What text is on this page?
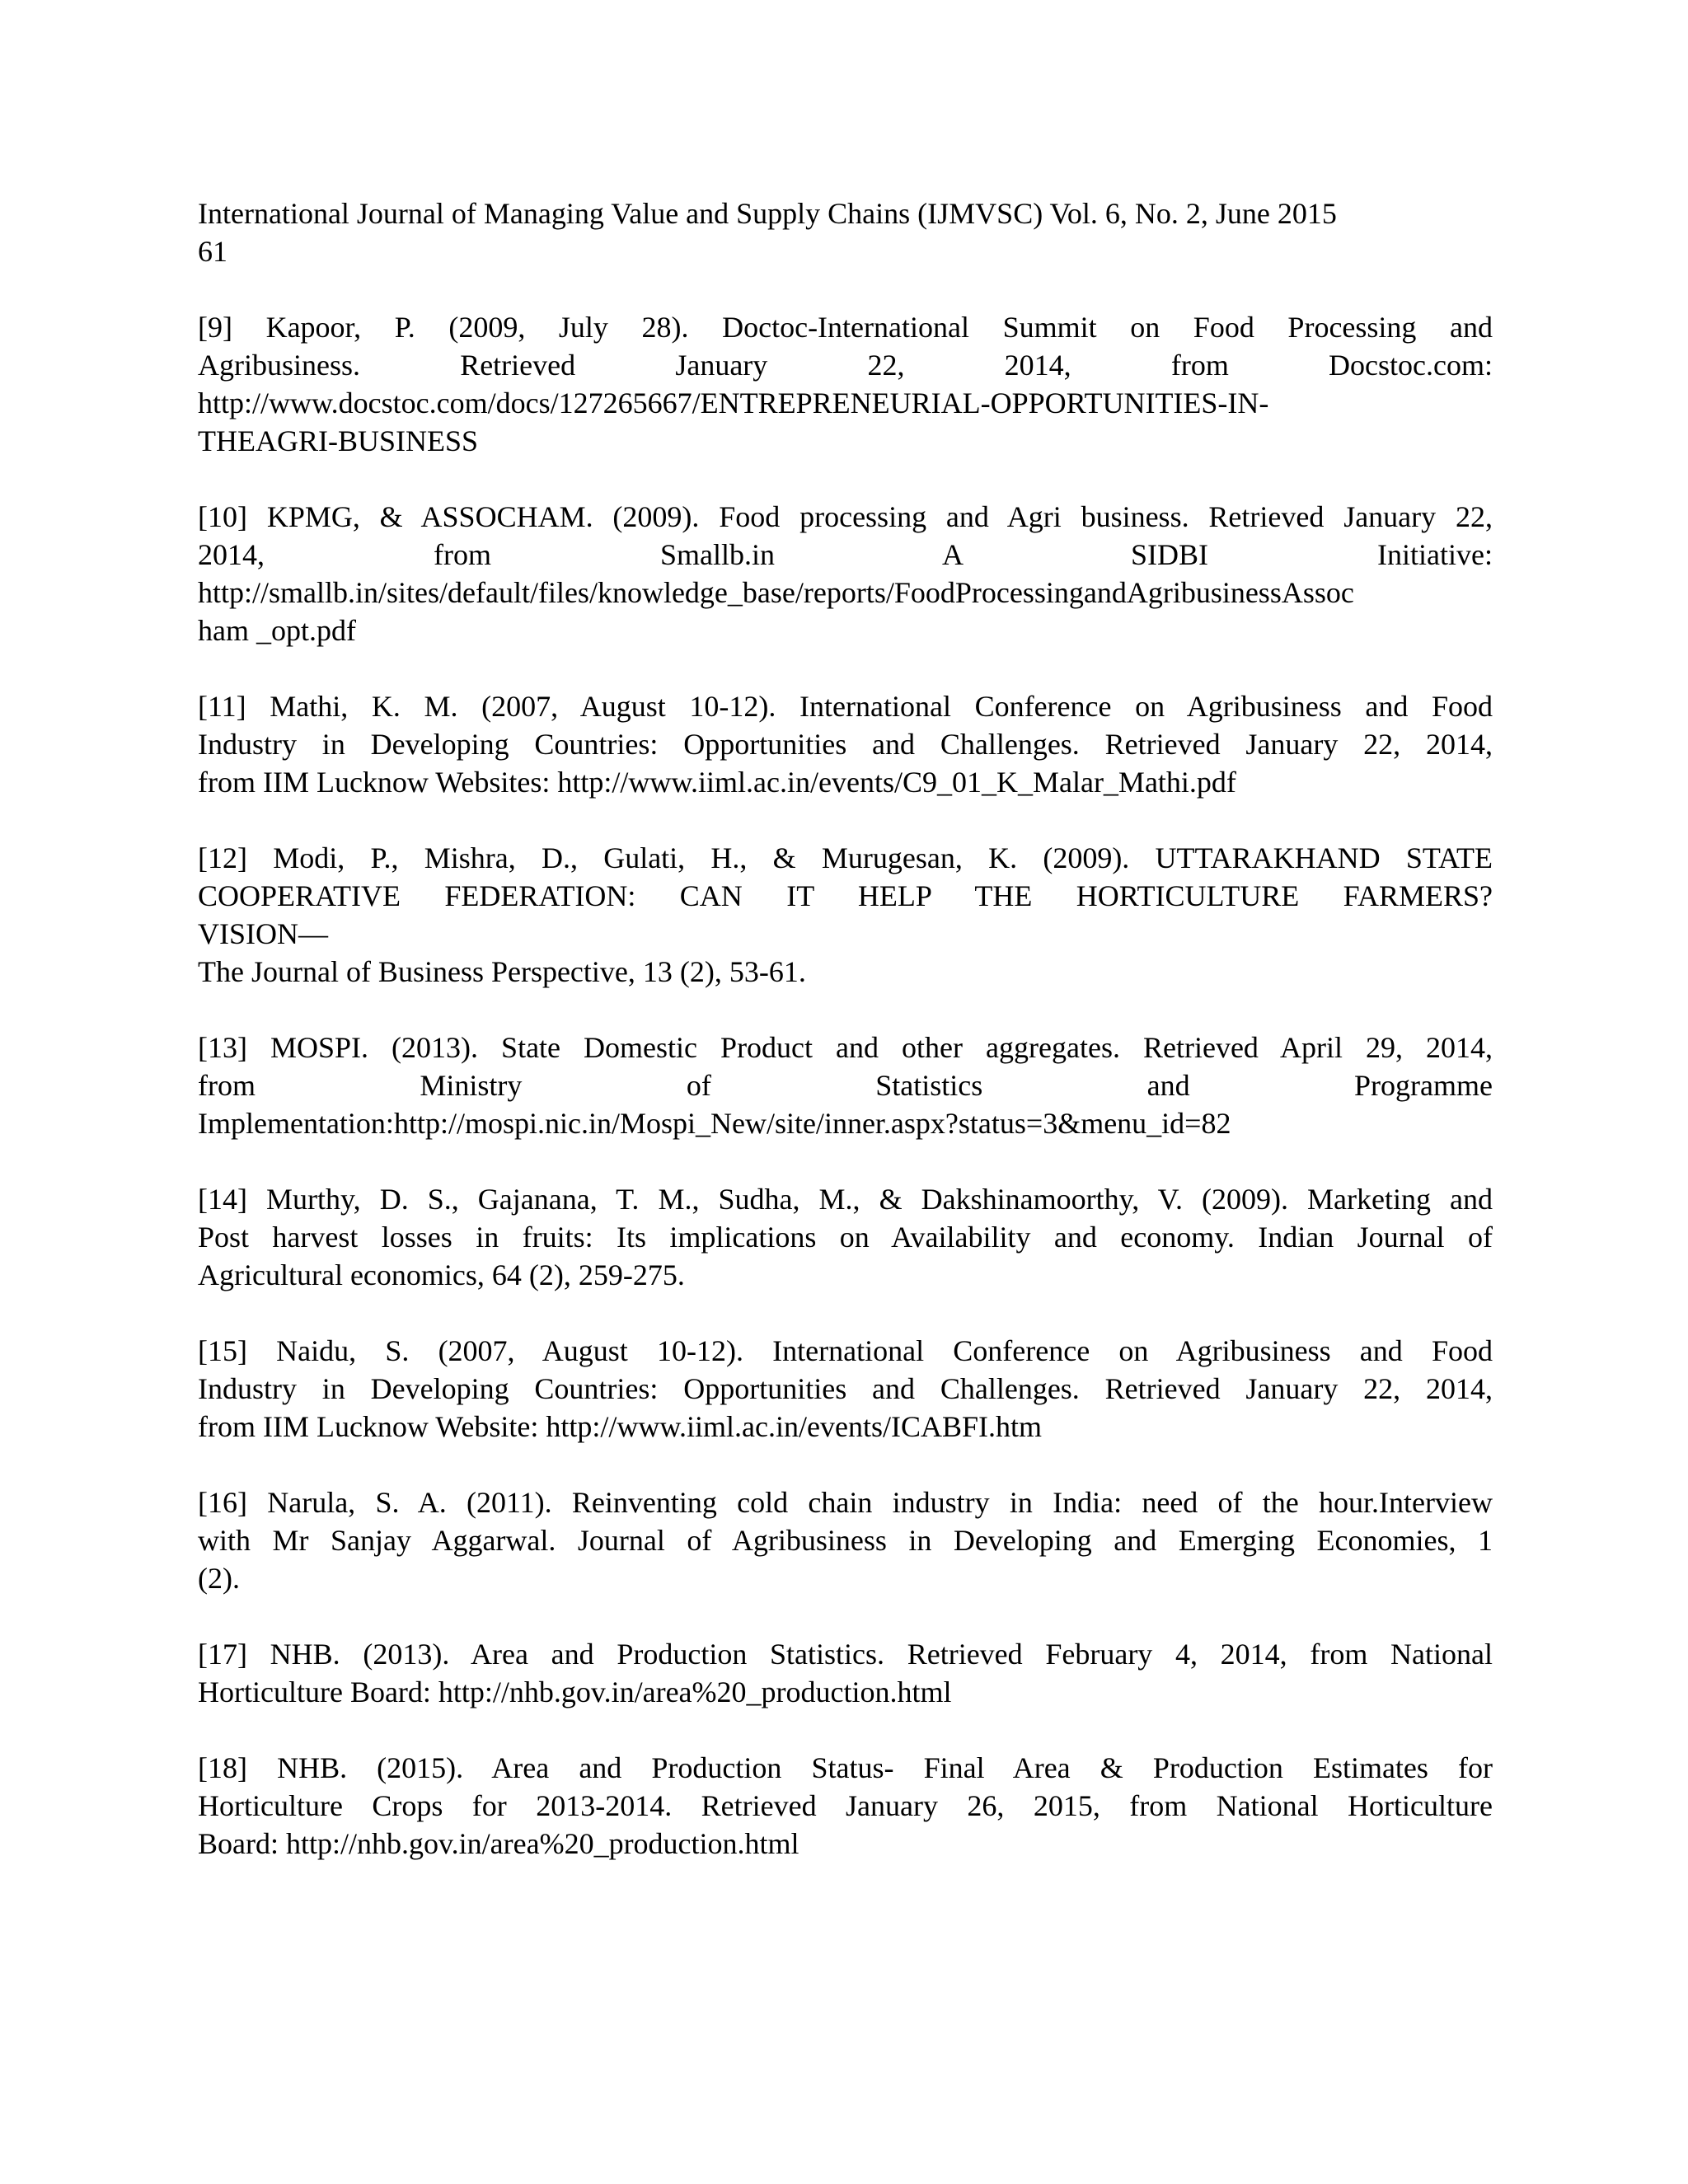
International Journal of Managing Value and Supply Chains (IJMVSC) Vol. 6, No. 2, June 2015

61

[9] Kapoor, P. (2009, July 28). Doctoc-International Summit on Food Processing and

Agribusiness. Retrieved January 22, 2014, from Docstoc.com:

http://www.docstoc.com/docs/127265667/ENTREPRENEURIAL-OPPORTUNITIES-IN-

THEAGRI-BUSINESS

[10] KPMG, & ASSOCHAM. (2009). Food processing and Agri business. Retrieved January 22,

2014, from Smallb.in A SIDBI Initiative:

http://smallb.in/sites/default/files/knowledge_base/reports/FoodProcessingandAgribusinessAssoc

ham _opt.pdf

[11] Mathi, K. M. (2007, August 10-12). International Conference on Agribusiness and Food

Industry in Developing Countries: Opportunities and Challenges. Retrieved January 22, 2014,

from IIM Lucknow Websites: http://www.iiml.ac.in/events/C9_01_K_Malar_Mathi.pdf

[12] Modi, P., Mishra, D., Gulati, H., & Murugesan, K. (2009). UTTARAKHAND STATE

COOPERATIVE FEDERATION: CAN IT HELP THE HORTICULTURE FARMERS?

VISION—

The Journal of Business Perspective, 13 (2), 53-61.

[13] MOSPI. (2013). State Domestic Product and other aggregates. Retrieved April 29, 2014,

from Ministry of Statistics and Programme

Implementation:http://mospi.nic.in/Mospi_New/site/inner.aspx?status=3&menu_id=82

[14] Murthy, D. S., Gajanana, T. M., Sudha, M., & Dakshinamoorthy, V. (2009). Marketing and

Post harvest losses in fruits: Its implications on Availability and economy. Indian Journal of

Agricultural economics, 64 (2), 259-275.

[15] Naidu, S. (2007, August 10-12). International Conference on Agribusiness and Food

Industry in Developing Countries: Opportunities and Challenges. Retrieved January 22, 2014,

from IIM Lucknow Website: http://www.iiml.ac.in/events/ICABFI.htm

[16] Narula, S. A. (2011). Reinventing cold chain industry in India: need of the hour.Interview

with Mr Sanjay Aggarwal. Journal of Agribusiness in Developing and Emerging Economies, 1

(2).

[17] NHB. (2013). Area and Production Statistics. Retrieved February 4, 2014, from National

Horticulture Board: http://nhb.gov.in/area%20_production.html

[18] NHB. (2015). Area and Production Status- Final Area & Production Estimates for

Horticulture Crops for 2013-2014. Retrieved January 26, 2015, from National Horticulture

Board: http://nhb.gov.in/area%20_production.html
